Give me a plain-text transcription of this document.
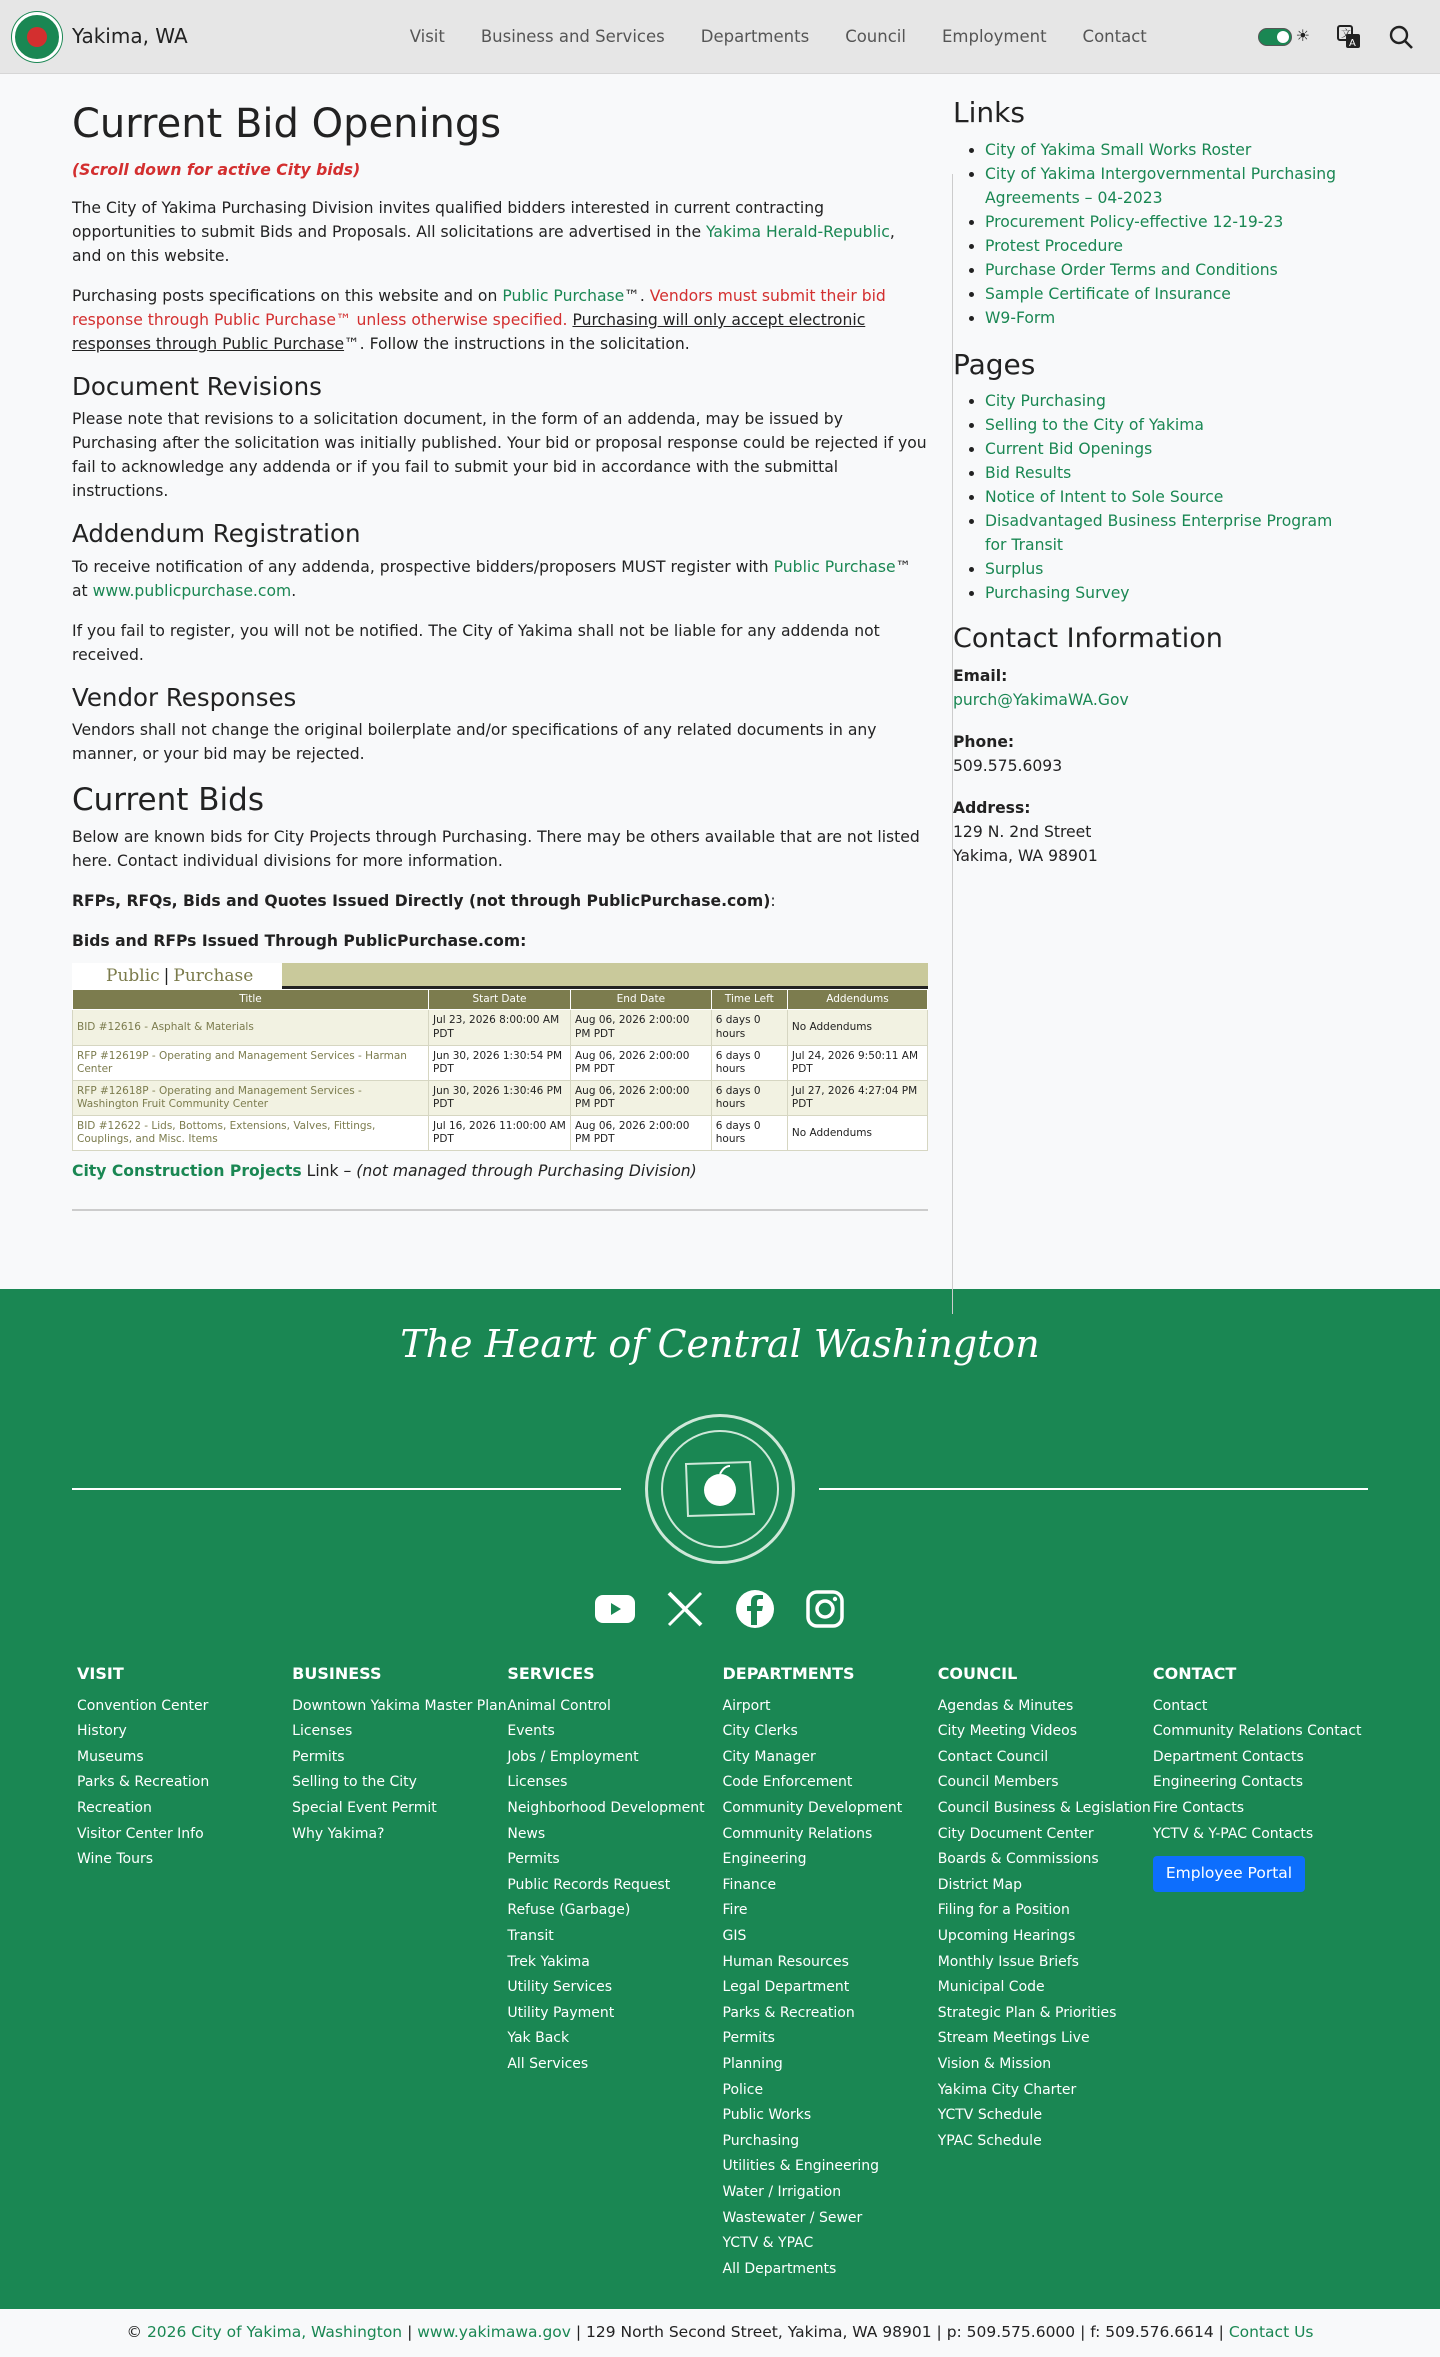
Yakima, WA	Visit Business and Services Departments Council Employment Contact	☀	文
A
Current Bid Openings
(Scroll down for active City bids)

The City of Yakima Purchasing Division invites qualified bidders interested in current contracting opportunities to submit Bids and Proposals. All solicitations are advertised in the Yakima Herald-Republic, and on this website.

Purchasing posts specifications on this website and on Public Purchase™. Vendors must submit their bid response through Public Purchase™ unless otherwise specified. Purchasing will only accept electronic responses through Public Purchase™. Follow the instructions in the solicitation.

Document Revisions

Please note that revisions to a solicitation document, in the form of an addenda, may be issued by Purchasing after the solicitation was initially published. Your bid or proposal response could be rejected if you fail to acknowledge any addenda or if you fail to submit your bid in accordance with the submittal instructions.

Addendum Registration

To receive notification of any addenda, prospective bidders/proposers MUST register with Public Purchase™ at www.publicpurchase.com.

If you fail to register, you will not be notified. The City of Yakima shall not be liable for any addenda not received.

Vendor Responses

Vendors shall not change the original boilerplate and/or specifications of any related documents in any manner, or your bid may be rejected.

Current Bids

Below are known bids for City Projects through Purchasing. There may be others available that are not listed here. Contact individual divisions for more information.

RFPs, RFQs, Bids and Quotes Issued Directly (not through PublicPurchase.com):

Bids and RFPs Issued Through PublicPurchase.com:

Public | Purchase
Title	Start Date	End Date	Time Left	Addendums
BID #12616 - Asphalt & Materials	Jul 23, 2026 8:00:00 AM PDT	Aug 06, 2026 2:00:00 PM PDT	6 days 0 hours	No Addendums
RFP #12619P - Operating and Management Services - Harman Center	Jun 30, 2026 1:30:54 PM PDT	Aug 06, 2026 2:00:00 PM PDT	6 days 0 hours	Jul 24, 2026 9:50:11 AM PDT
RFP #12618P - Operating and Management Services - Washington Fruit Community Center	Jun 30, 2026 1:30:46 PM PDT	Aug 06, 2026 2:00:00 PM PDT	6 days 0 hours	Jul 27, 2026 4:27:04 PM PDT
BID #12622 - Lids, Bottoms, Extensions, Valves, Fittings, Couplings, and Misc. Items	Jul 16, 2026 11:00:00 AM PDT	Aug 06, 2026 2:00:00 PM PDT	6 days 0 hours	No Addendums
City Construction Projects Link – (not managed through Purchasing Division)
Links
• City of Yakima Small Works Roster
• City of Yakima Intergovernmental Purchasing Agreements – 04-2023
• Procurement Policy-effective 12-19-23
• Protest Procedure
• Purchase Order Terms and Conditions
• Sample Certificate of Insurance
• W9-Form
Pages
• City Purchasing
• Selling to the City of Yakima
• Current Bid Openings
• Bid Results
• Notice of Intent to Sole Source
• Disadvantaged Business Enterprise Program for Transit
• Surplus
• Purchasing Survey
Contact Information
Email:
purch@YakimaWA.Gov
Phone:
509.575.6093
Address:
129 N. 2nd Street
Yakima, WA 98901
The Heart of Central Washington
VISIT
Convention Center
History
Museums
Parks & Recreation
Recreation
Visitor Center Info
Wine Tours
BUSINESS
Downtown Yakima Master Plan
Licenses
Permits
Selling to the City
Special Event Permit
Why Yakima?
SERVICES
Animal Control
Events
Jobs / Employment
Licenses
Neighborhood Development
News
Permits
Public Records Request
Refuse (Garbage)
Transit
Trek Yakima
Utility Services
Utility Payment
Yak Back
All Services
DEPARTMENTS
Airport
City Clerks
City Manager
Code Enforcement
Community Development
Community Relations
Engineering
Finance
Fire
GIS
Human Resources
Legal Department
Parks & Recreation
Permits
Planning
Police
Public Works
Purchasing
Utilities & Engineering
Water / Irrigation
Wastewater / Sewer
YCTV & YPAC
All Departments
COUNCIL
Agendas & Minutes
City Meeting Videos
Contact Council
Council Members
Council Business & Legislation
City Document Center
Boards & Commissions
District Map
Filing for a Position
Upcoming Hearings
Monthly Issue Briefs
Municipal Code
Strategic Plan & Priorities
Stream Meetings Live
Vision & Mission
Yakima City Charter
YCTV Schedule
YPAC Schedule
CONTACT
Contact
Community Relations Contact
Department Contacts
Engineering Contacts
Fire Contacts
YCTV & Y-PAC Contacts
Employee Portal
© 2026 City of Yakima, Washington | www.yakimawa.gov | 129 North Second Street, Yakima, WA 98901 | p: 509.575.6000 | f: 509.576.6614 | Contact Us
